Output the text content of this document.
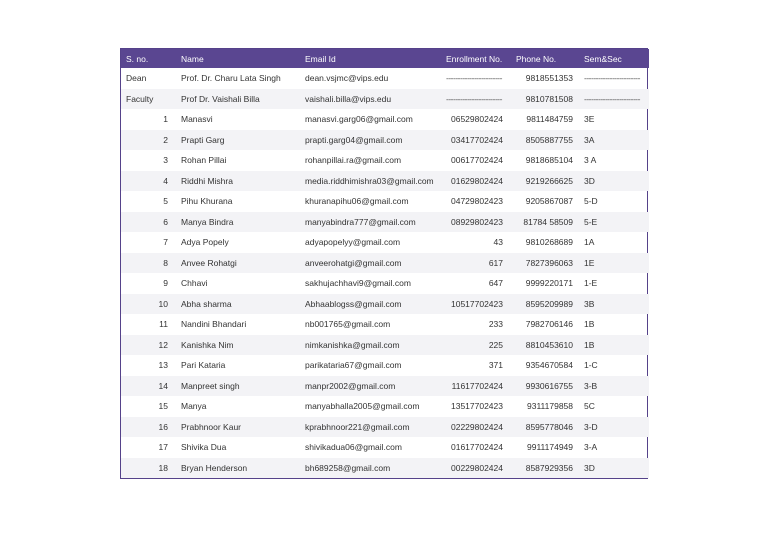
S. no.	Name	Email Id	Enrollment No.	Phone No.	Sem&Sec
Dean	Prof. Dr. Charu Lata Singh	dean.vsjmc@vips.edu	------------------------	9818551353	------------------------
Faculty	Prof Dr. Vaishali Billa	vaishali.billa@vips.edu	------------------------	9810781508	------------------------
1	Manasvi	manasvi.garg06@gmail.com	06529802424	9811484759	3E
2	Prapti Garg	prapti.garg04@gmail.com	03417702424	8505887755	3A
3	Rohan Pillai	rohanpillai.ra@gmail.com	00617702424	9818685104	3 A
4	Riddhi Mishra	media.riddhimishra03@gmail.com	01629802424	9219266625	3D
5	Pihu Khurana	khuranapihu06@gmail.com	04729802423	9205867087	5-D
6	Manya Bindra	manyabindra777@gmail.com	08929802423	81784 58509	5-E
7	Adya Popely	adyapopelyy@gmail.com	43	9810268689	1A
8	Anvee Rohatgi	anveerohatgi@gmail.com	617	7827396063	1E
9	Chhavi	sakhujachhavi9@gmail.com	647	9999220171	1-E
10	Abha sharma	Abhaablogss@gmail.com	10517702423	8595209989	3B
11	Nandini Bhandari	nb001765@gmail.com	233	7982706146	1B
12	Kanishka Nim	nimkanishka@gmail.com	225	8810453610	1B
13	Pari Kataria	parikataria67@gmail.com	371	9354670584	1-C
14	Manpreet singh	manpr2002@gmail.com	11617702424	9930616755	3-B
15	Manya	manyabhalla2005@gmail.com	13517702423	9311179858	5C
16	Prabhnoor Kaur	kprabhnoor221@gmail.com	02229802424	8595778046	3-D
17	Shivika Dua	shivikadua06@gmail.com	01617702424	9911174949	3-A
18	Bryan Henderson	bh689258@gmail.com	00229802424	8587929356	3D
